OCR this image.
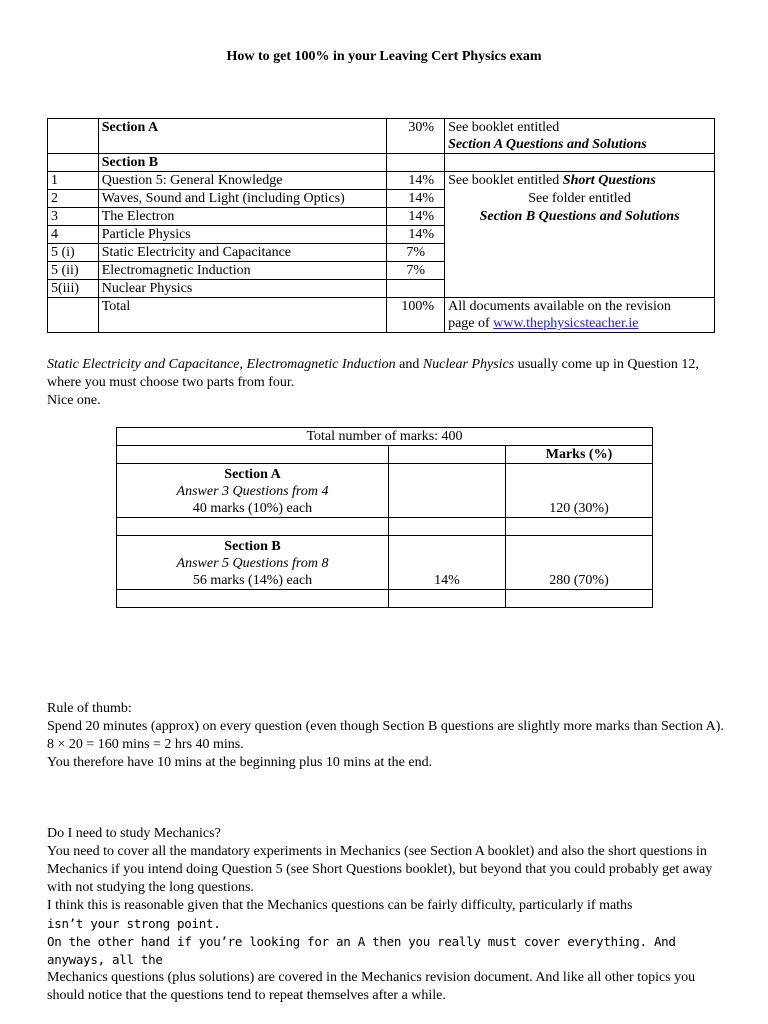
How to get 100% in your Leaving Cert Physics exam
	Section A	30%	See booklet entitled
Section A Questions and Solutions

	Section B		
1	Question 5: General Knowledge	14%	See booklet entitled Short Questions
2	Waves, Sound and Light (including Optics)	14%	See folder entitled
3	The Electron	14%	Section B Questions and Solutions
4	Particle Physics	14%	
5 (i)	Static Electricity and Capacitance	7%	
5 (ii)	Electromagnetic Induction	7%	
5(iii)	Nuclear Physics		
	Total	100%	All documents available on the revision
page of www.thephysicsteacher.ie

Static Electricity and Capacitance, Electromagnetic Induction and Nuclear Physics usually come up in Question 12, where you must choose two parts from four.

Nice one.

Total number of marks: 400		
		Marks (%)

Section A
Answer 3 Questions from 4
40 marks (10%) each		120 (30%)

Section B
Answer 5 Questions from 8
56 marks (14%) each	14%	280 (70%)

Rule of thumb:

Spend 20 minutes (approx) on every question (even though Section B questions are slightly more marks than Section A).

8 × 20 = 160 mins = 2 hrs 40 mins.

You therefore have 10 mins at the beginning plus 10 mins at the end.

Do I need to study Mechanics?

You need to cover all the mandatory experiments in Mechanics (see Section A booklet) and also the short questions in Mechanics if you intend doing Question 5 (see Short Questions booklet), but beyond that you could probably get away with not studying the long questions.

I think this is reasonable given that the Mechanics questions can be fairly difficulty, particularly if maths

isn’t your strong point.

On the other hand if you’re looking for an A then you really must cover everything. And anyways, all the

Mechanics questions (plus solutions) are covered in the Mechanics revision document. And like all other topics you should notice that the questions tend to repeat themselves after a while.
